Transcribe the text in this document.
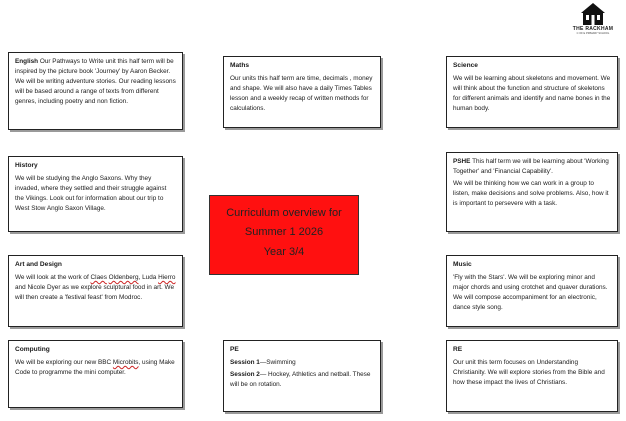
THE RACKHAM
C OF E PRIMARY SCHOOL

English Our Pathways to Write unit this half term will be inspired by the picture book 'Journey' by Aaron Becker. We will be writing adventure stories. Our reading lessons will be based around a range of texts from different genres, including poetry and non fiction.

Maths

Our units this half term are time, decimals , money and shape. We will also have a daily Times Tables lesson and a weekly recap of written methods for calculations.

Science

We will be learning about skeletons and movement. We will think about the function and structure of skeletons for different animals and identify and name bones in the human body.

History

We will be studying the Anglo Saxons. Why they invaded, where they settled and their struggle against the Vikings. Look out for information about our trip to West Stow Anglo Saxon Village.

PSHE This half term we will be learning about 'Working Together' and 'Financial Capability'.

We will be thinking how we can work in a group to listen, make decisions and solve problems. Also, how it is important to persevere with a task.

Curriculum overview for
Summer 1 2026
Year 3/4
Art and Design

We will look at the work of Claes Oldenberg, Luda Hierro and Nicole Dyer as we explore sculptural food in art. We will then create a 'festival feast' from Modroc.

Music

'Fly with the Stars'. We will be exploring minor and major chords and using crotchet and quaver durations. We will compose accompaniment for an electronic, dance style song.

Computing

We will be exploring our new BBC Microbits, using Make Code to programme the mini computer.

PE

Session 1—Swimming

Session 2— Hockey, Athletics and netball. These will be on rotation.

RE

Our unit this term focuses on Understanding Christianity. We will explore stories from the Bible and how these impact the lives of Christians.
